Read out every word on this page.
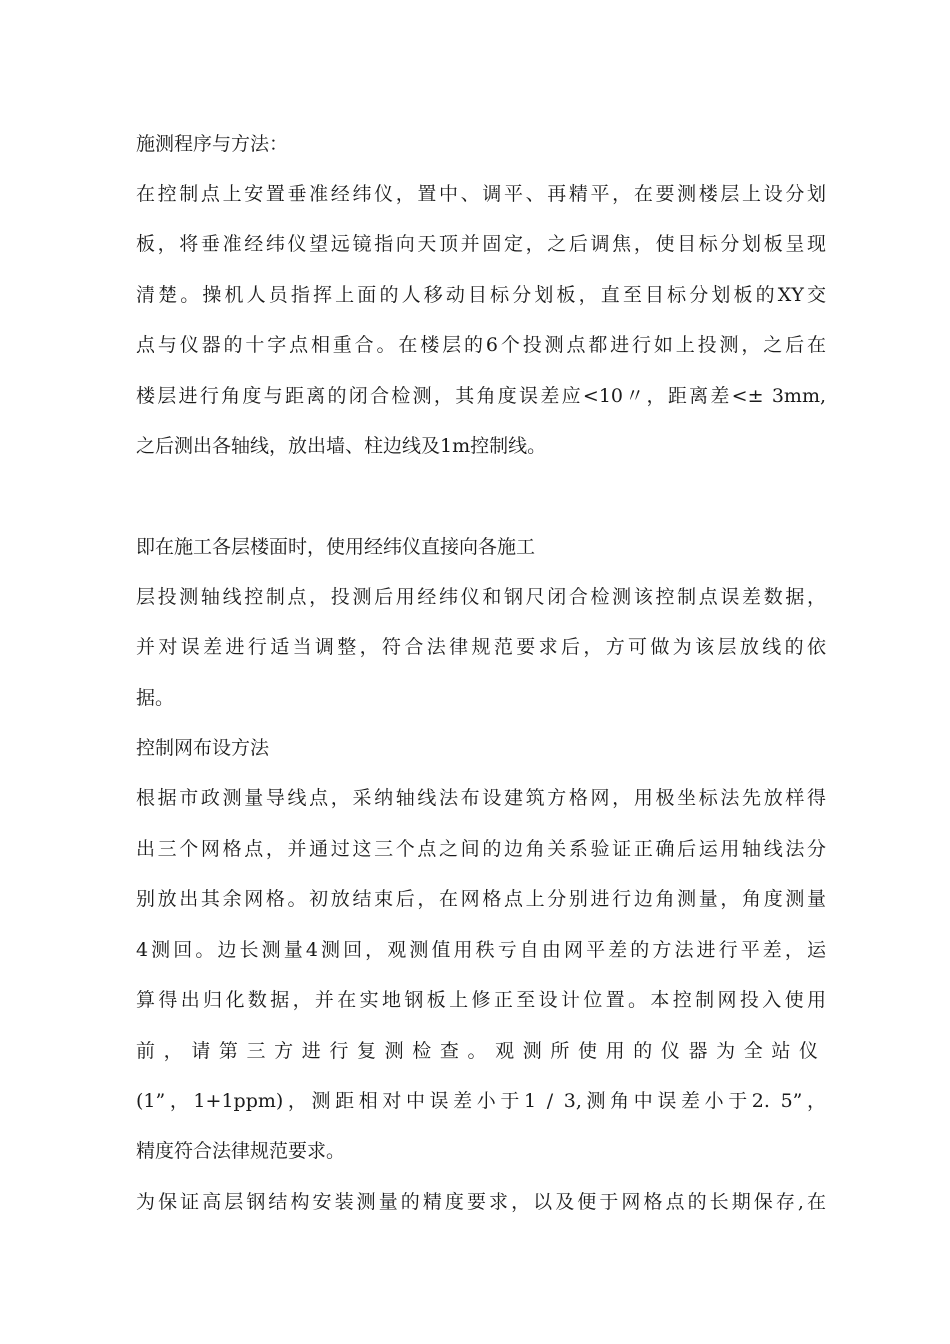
施测程序与方法：
在控制点上安置垂准经纬仪，置中、调平、再精平，在要测楼层上设分划
板，将垂准经纬仪望远镜指向天顶并固定，之后调焦，使目标分划板呈现
清楚。操机人员指挥上面的人移动目标分划板，直至目标分划板的XY交
点与仪器的十字点相重合。在楼层的6个投测点都进行如上投测，之后在
楼层进行角度与距离的闭合检测，其角度误差应<10〃，距离差<± 3mm,
之后测出各轴线，放出墙、柱边线及1m控制线。
即在施工各层楼面时，使用经纬仪直接向各施工
层投测轴线控制点，投测后用经纬仪和钢尺闭合检测该控制点误差数据，
并对误差进行适当调整，符合法律规范要求后，方可做为该层放线的依
据。
控制网布设方法
根据市政测量导线点，采纳轴线法布设建筑方格网，用极坐标法先放样得
出三个网格点，并通过这三个点之间的边角关系验证正确后运用轴线法分
别放出其余网格。初放结束后，在网格点上分别进行边角测量，角度测量
4测回。边长测量4测回，观测值用秩亏自由网平差的方法进行平差，运
算得出归化数据，并在实地钢板上修正至设计位置。本控制网投入使用
前，请第三方进行复测检查。观测所使用的仪器为全站仪
(1”，1+1ppm)，测距相对中误差小于1 / 3,测角中误差小于2. 5”，
精度符合法律规范要求。
为保证高层钢结构安装测量的精度要求，以及便于网格点的长期保存,在
